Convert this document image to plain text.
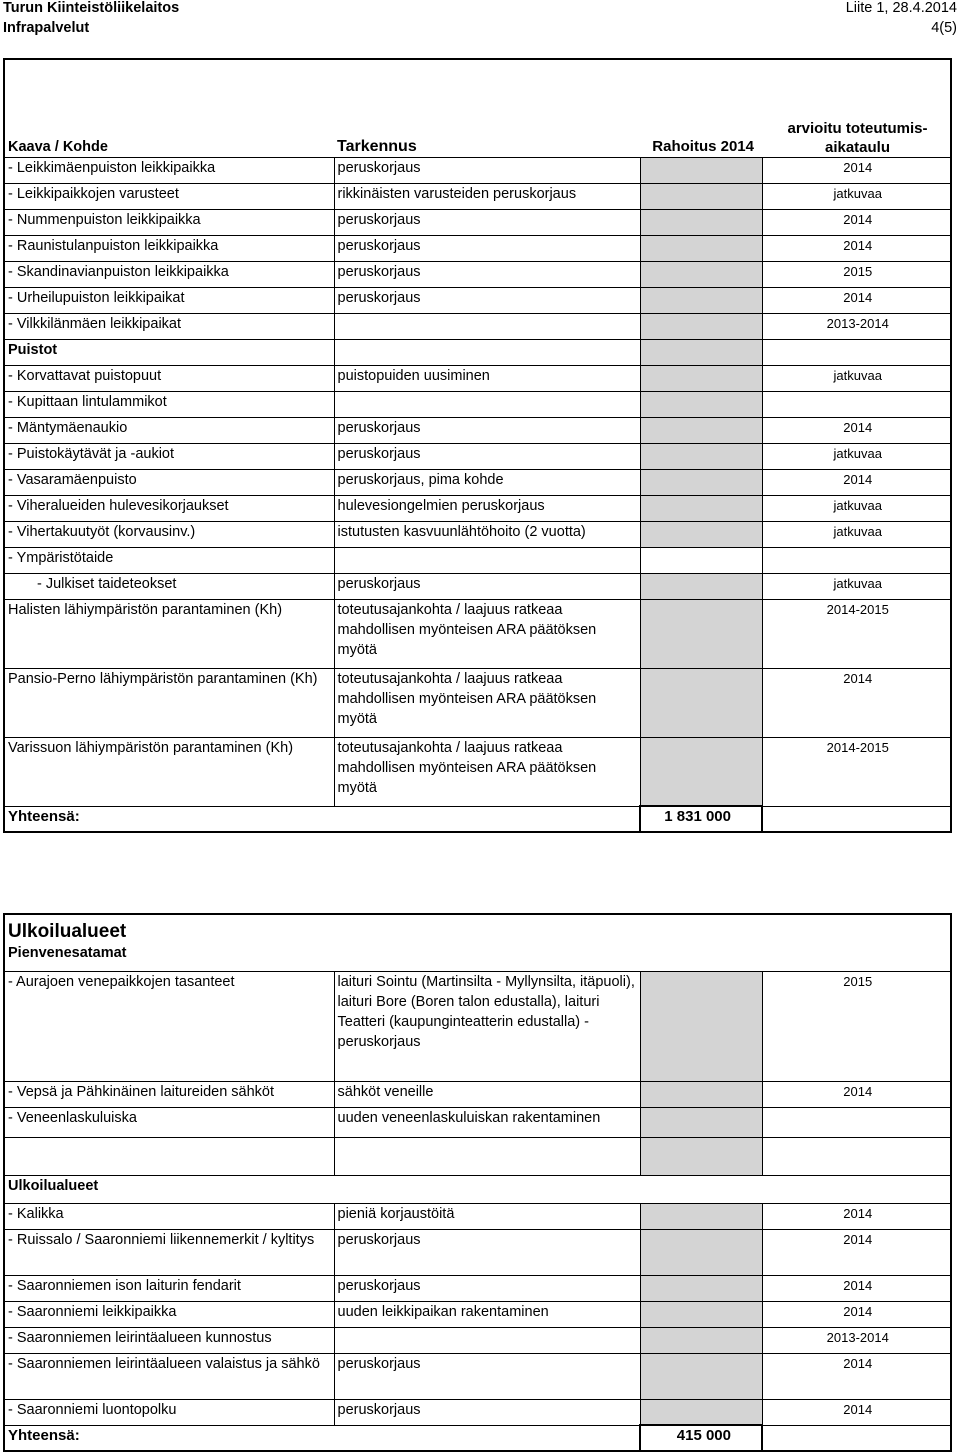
Turun Kiinteistöliikelaitos
Infrapalvelut
Liite 1, 28.4.2014
4(5)
Kaava / Kohde	Tarkennus	Rahoitus 2014	arvioitu toteutumis-aikataulu
- Leikkimäenpuiston leikkipaikka	peruskorjaus		2014
- Leikkipaikkojen varusteet	rikkinäisten varusteiden peruskorjaus		jatkuvaa
- Nummenpuiston leikkipaikka	peruskorjaus		2014
- Raunistulanpuiston leikkipaikka	peruskorjaus		2014
- Skandinavianpuiston leikkipaikka	peruskorjaus		2015
- Urheilupuiston leikkipaikat	peruskorjaus		2014
- Vilkkilänmäen leikkipaikat			2013-2014
Puistot			
- Korvattavat puistopuut	puistopuiden uusiminen		jatkuvaa
- Kupittaan lintulammikot			
- Mäntymäenaukio	peruskorjaus		2014
- Puistokäytävät ja -aukiot	peruskorjaus		jatkuvaa
- Vasaramäenpuisto	peruskorjaus, pima kohde		2014
- Viheralueiden hulevesikorjaukset	hulevesiongelmien peruskorjaus		jatkuvaa
- Vihertakuutyöt (korvausinv.)	istutusten kasvuunlähtöhoito (2 vuotta)		jatkuvaa
- Ympäristötaide			
- Julkiset taideteokset	peruskorjaus		jatkuvaa
Halisten lähiympäristön parantaminen (Kh)	toteutusajankohta / laajuus ratkeaa mahdollisen myönteisen ARA päätöksen myötä		2014-2015
Pansio-Perno lähiympäristön parantaminen (Kh)	toteutusajankohta / laajuus ratkeaa mahdollisen myönteisen ARA päätöksen myötä		2014
Varissuon lähiympäristön parantaminen (Kh)	toteutusajankohta / laajuus ratkeaa mahdollisen myönteisen ARA päätöksen myötä		2014-2015
Yhteensä:		1 831 000	
Ulkoilualueet			
Pienvenesatamat			
- Aurajoen venepaikkojen tasanteet	laituri Sointu (Martinsilta - Myllynsilta, itäpuoli), laituri Bore (Boren talon edustalla), laituri Teatteri (kaupunginteatterin edustalla) - peruskorjaus		2015
- Vepsä ja Pähkinäinen laitureiden sähköt	sähköt veneille		2014
- Veneenlaskuluiska	uuden veneenlaskuluiskan rakentaminen		

Ulkoilualueet			
- Kalikka	pieniä korjaustöitä		2014
- Ruissalo / Saaronniemi liikennemerkit / kyltitys	peruskorjaus		2014
- Saaronniemen ison laiturin fendarit	peruskorjaus		2014
- Saaronniemi leikkipaikka	uuden leikkipaikan rakentaminen		2014
- Saaronniemen leirintäalueen kunnostus			2013-2014
- Saaronniemen leirintäalueen valaistus ja sähkö	peruskorjaus		2014
- Saaronniemi luontopolku	peruskorjaus		2014
Yhteensä:		415 000	
